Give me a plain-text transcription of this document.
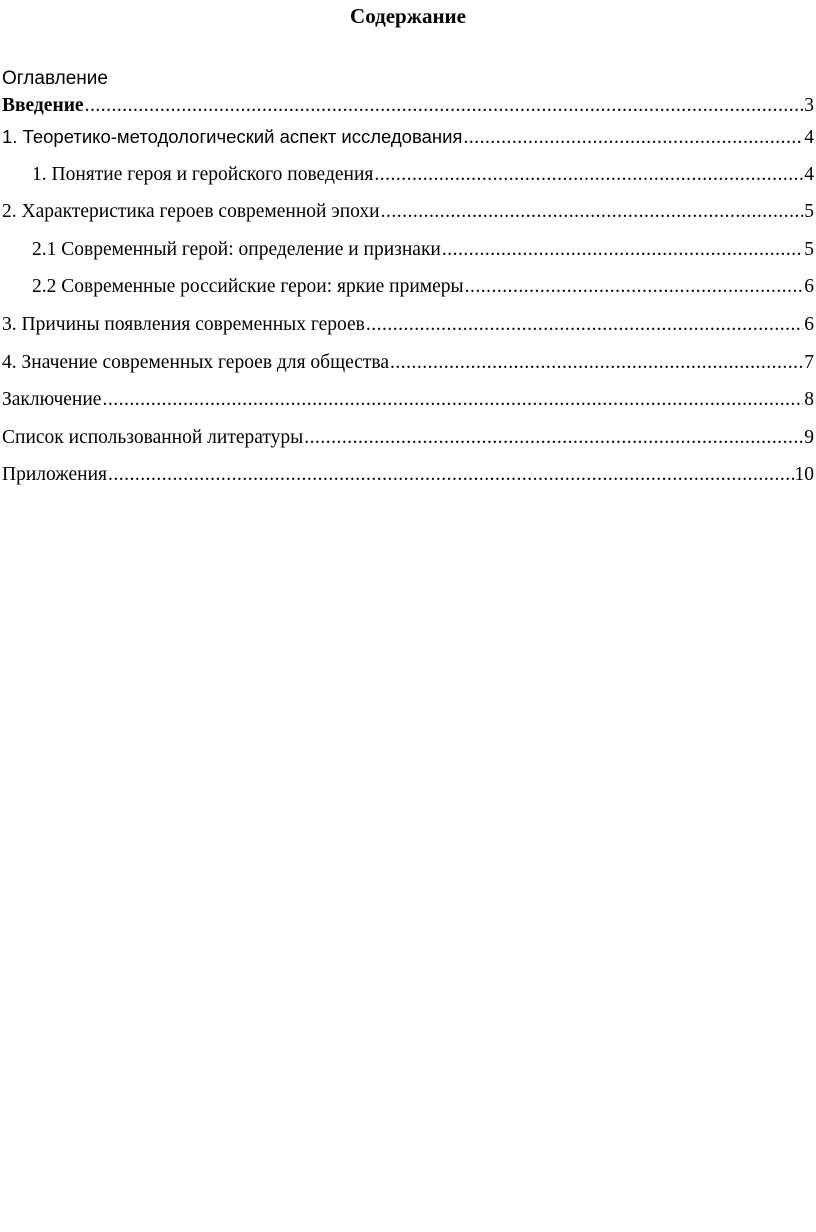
Содержание
Оглавление
Введение .....	3
1. Теоретико-методологический аспект исследования .....	4
1. Понятие героя и геройского поведения .....	4
2. Характеристика героев современной эпохи .....	5
2.1 Современный герой: определение и признаки .....	5
2.2 Современные российские герои: яркие примеры .....	6
3. Причины появления современных героев .....	6
4. Значение современных героев для общества .....	7
Заключение .....	8
Список использованной литературы .....	9
Приложения .....	10
